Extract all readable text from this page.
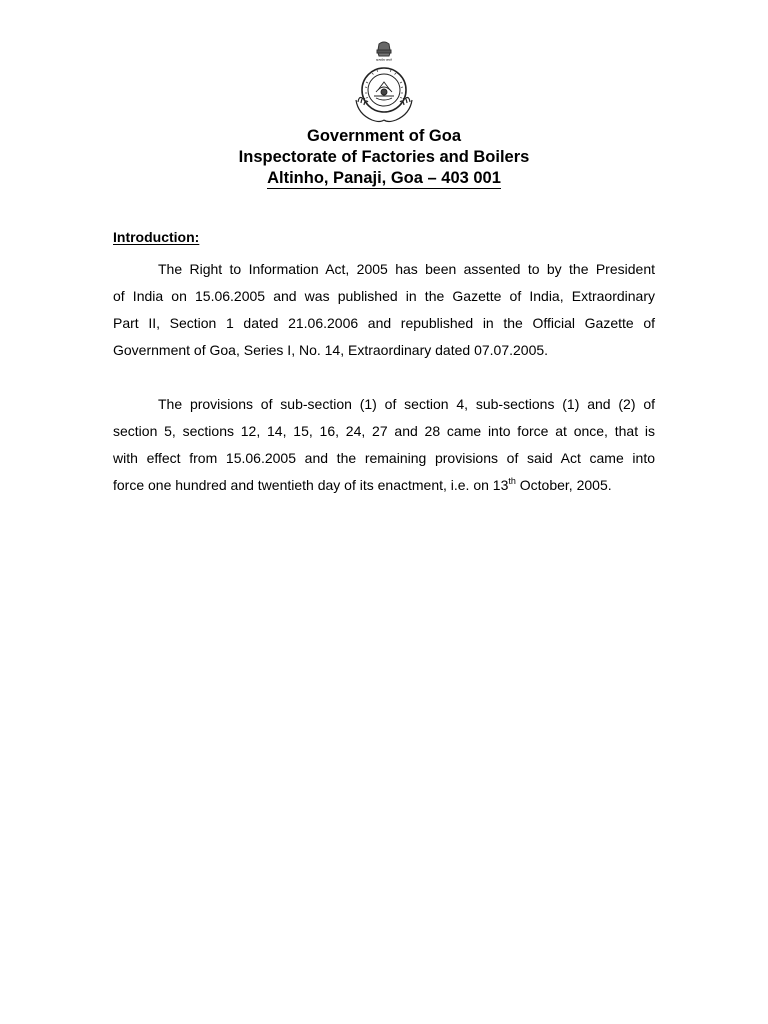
सत्यमेव जयते
Government of Goa
Inspectorate of Factories and Boilers
Altinho, Panaji, Goa – 403 001
Introduction:
The Right to Information Act, 2005 has been assented to by the President
of India on 15.06.2005 and was published in the Gazette of India, Extraordinary
Part II, Section 1 dated 21.06.2006 and republished in the Official Gazette of
Government of Goa, Series I, No. 14, Extraordinary dated 07.07.2005.
The provisions of sub-section (1) of section 4, sub-sections (1) and (2) of
section 5, sections 12, 14, 15, 16, 24, 27 and 28 came into force at once, that is
with effect from 15.06.2005 and the remaining provisions of said Act came into
force one hundred and twentieth day of its enactment, i.e. on 13th October, 2005.
